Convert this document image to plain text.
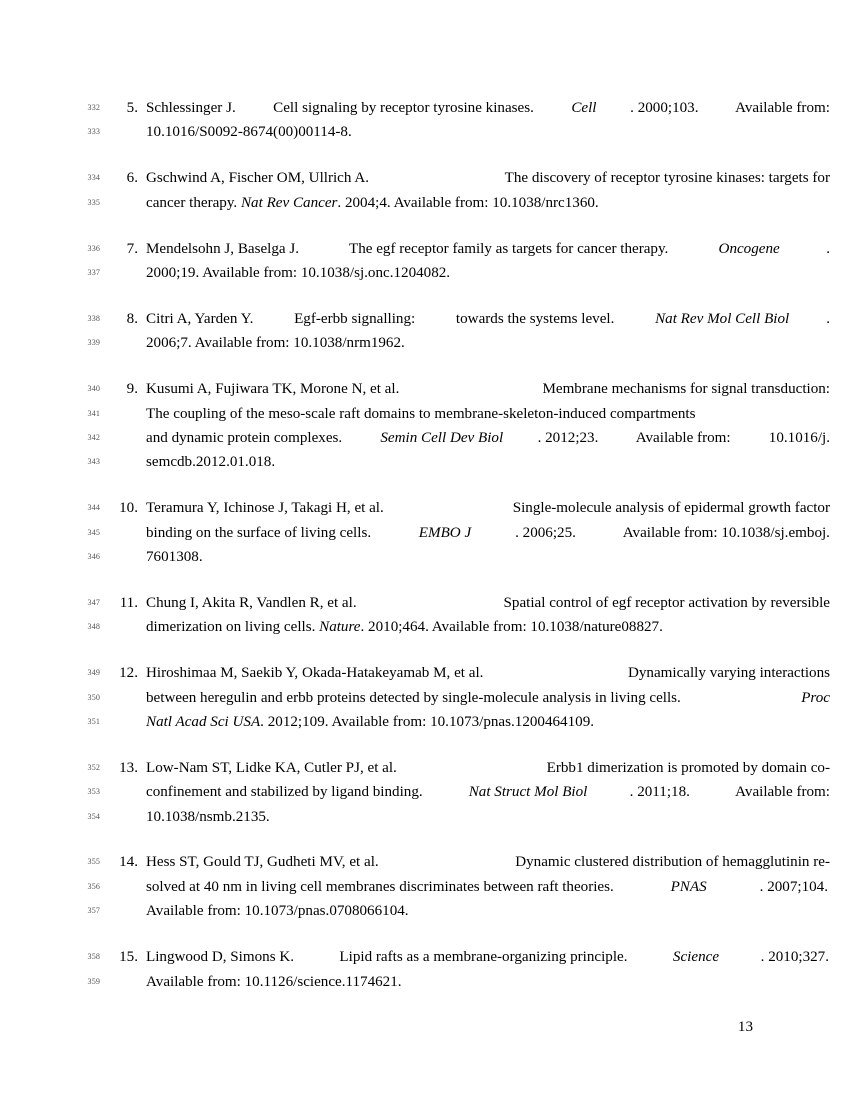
332	5. Schlessinger J. Cell signaling by receptor tyrosine kinases. Cell . 2000;103. Available from:
333	10.1016/S0092-8674(00)00114-8.
334	6. Gschwind A, Fischer OM, Ullrich A.	The discovery of receptor tyrosine kinases: targets for
335	cancer therapy. Nat Rev Cancer. 2004;4. Available from: 10.1038/nrc1360.
336	7. Mendelsohn J, Baselga J.	The egf receptor family as targets for cancer therapy.	Oncogene	.
337	2000;19. Available from: 10.1038/sj.onc.1204082.
338	8. Citri A, Yarden Y. Egf-erbb signalling: towards the systems level. Nat Rev Mol Cell Biol .
339	2006;7. Available from: 10.1038/nrm1962.
340	9. Kusumi A, Fujiwara TK, Morone N, et al.	Membrane mechanisms for signal transduction:
341	The coupling of the meso-scale raft domains to membrane-skeleton-induced compartments
342	and dynamic protein complexes. Semin Cell Dev Biol . 2012;23. Available from: 10.1016/j.
343	semcdb.2012.01.018.
344	10. Teramura Y, Ichinose J, Takagi H, et al.	Single-molecule analysis of epidermal growth factor
345	binding on the surface of living cells.	EMBO J	. 2006;25.	Available from: 10.1038/sj.emboj.
346	7601308.
347	11. Chung I, Akita R, Vandlen R, et al.	Spatial control of egf receptor activation by reversible
348	dimerization on living cells. Nature. 2010;464. Available from: 10.1038/nature08827.
349	12. Hiroshimaa M, Saekib Y, Okada-Hatakeyamab M, et al.	Dynamically varying interactions
350	between heregulin and erbb proteins detected by single-molecule analysis in living cells.	Proc
351	Natl Acad Sci USA. 2012;109. Available from: 10.1073/pnas.1200464109.
352	13. Low-Nam ST, Lidke KA, Cutler PJ, et al.	Erbb1 dimerization is promoted by domain co-
353	confinement and stabilized by ligand binding.	Nat Struct Mol Biol	. 2011;18.	Available from:
354	10.1038/nsmb.2135.
355	14. Hess ST, Gould TJ, Gudheti MV, et al.	Dynamic clustered distribution of hemagglutinin re-
356	solved at 40 nm in living cell membranes discriminates between raft theories.	PNAS	. 2007;104.
357	Available from: 10.1073/pnas.0708066104.
358	15. Lingwood D, Simons K.	Lipid rafts as a membrane-organizing principle.	Science	. 2010;327.
359	Available from: 10.1126/science.1174621.
13
